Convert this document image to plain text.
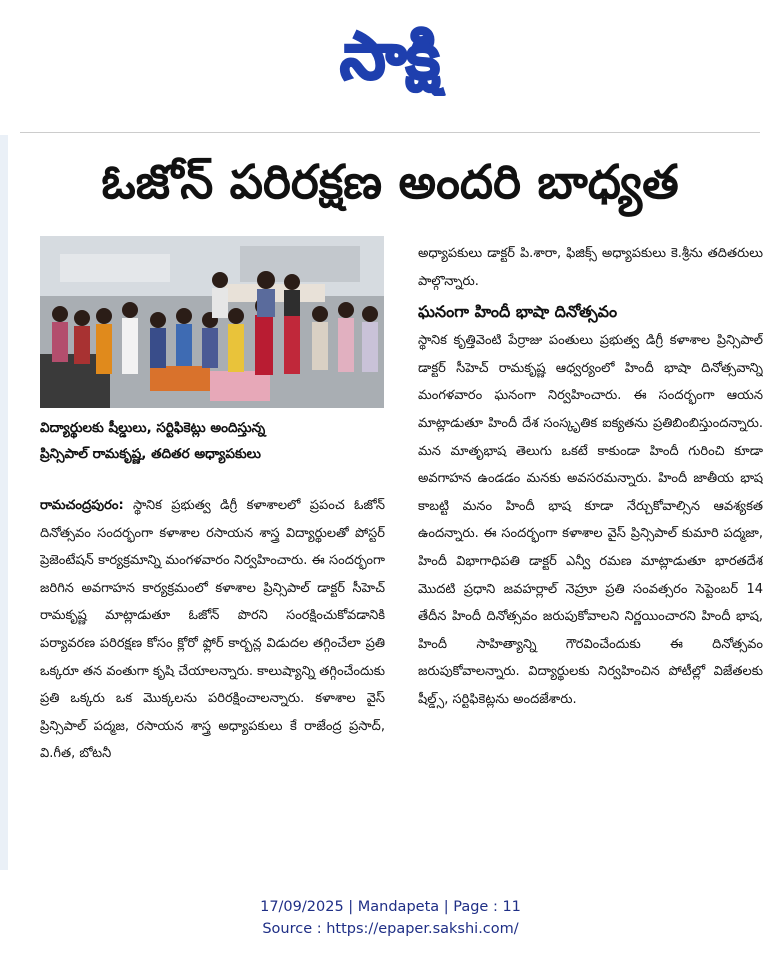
సాక్షి
ఓజోన్ పరిరక్షణ అందరి బాధ్యత
విద్యార్థులకు షీల్డులు, సర్టిఫికెట్లు అందిస్తున్న
ప్రిన్సిపాల్ రామకృష్ణ, తదితర అధ్యాపకులు

రామచంద్రపురం: స్థానిక ప్రభుత్వ డిగ్రీ కళాశాలలో ప్రపంచ ఓజోన్ దినోత్సవం సందర్భంగా కళాశాల రసాయన శాస్త్ర విద్యార్థులతో పోస్టర్ ప్రెజెంటేషన్ కార్యక్రమాన్ని మంగళవారం నిర్వహించారు. ఈ సందర్భంగా జరిగిన అవగాహన కార్యక్రమంలో కళాశాల ప్రిన్సిపాల్ డాక్టర్ సీహెచ్ రామకృష్ణ మాట్లాడుతూ ఓజోన్ పొరని సంరక్షించుకోవడానికి పర్యావరణ పరిరక్షణ కోసం క్లోరో ఫ్లోర్ కార్బన్ల విడుదల తగ్గించేలా ప్రతి ఒక్కరూ తన వంతుగా కృషి చేయాలన్నారు. కాలుష్యాన్ని తగ్గించేందుకు ప్రతి ఒక్కరు ఒక మొక్కలను పరిరక్షించాలన్నారు. కళాశాల వైస్ ప్రిన్సిపాల్ పద్మజ, రసాయన శాస్త్ర అధ్యాపకులు కే రాజేంద్ర ప్రసాద్, వి.గీత, బోటనీ

అధ్యాపకులు డాక్టర్ పి.శారా, ఫిజిక్స్ అధ్యాపకులు కె.శ్రీను తదితరులు పాల్గొన్నారు.

ఘనంగా హిందీ భాషా దినోత్సవం

స్థానిక కృత్తివెంటి పేర్రాజు పంతులు ప్రభుత్వ డిగ్రీ కళాశాల ప్రిన్సిపాల్ డాక్టర్ సీహెచ్ రామకృష్ణ ఆధ్వర్యంలో హిందీ భాషా దినోత్సవాన్ని మంగళవారం ఘనంగా నిర్వహించారు. ఈ సందర్భంగా ఆయన మాట్లాడుతూ హిందీ దేశ సంస్కృతిక ఐక్యతను ప్రతిబింబిస్తుందన్నారు. మన మాతృభాష తెలుగు ఒకటే కాకుండా హిందీ గురించి కూడా అవగాహన ఉండడం మనకు అవసరమన్నారు. హిందీ జాతీయ భాష కాబట్టి మనం హిందీ భాష కూడా నేర్చుకోవాల్సిన ఆవశ్యకత ఉందన్నారు. ఈ సందర్భంగా కళాశాల వైస్ ప్రిన్సిపాల్ కుమారి పద్మజా, హిందీ విభాగాధిపతి డాక్టర్ ఎన్వీ రమణ మాట్లాడుతూ భారతదేశ మొదటి ప్రధాని జవహర్లాల్ నెహ్రూ ప్రతి సంవత్సరం సెప్టెంబర్ 14 తేదీన హిందీ దినోత్సవం జరుపుకోవాలని నిర్ణయించారని హిందీ భాష, హిందీ సాహిత్యాన్ని గౌరవించేందుకు ఈ దినోత్సవం జరుపుకోవాలన్నారు. విద్యార్థులకు నిర్వహించిన పోటీల్లో విజేతలకు షీల్డ్స్, సర్టిఫికెట్లను అందజేశారు.

17/09/2025 | Mandapeta | Page : 11
Source : https://epaper.sakshi.com/
